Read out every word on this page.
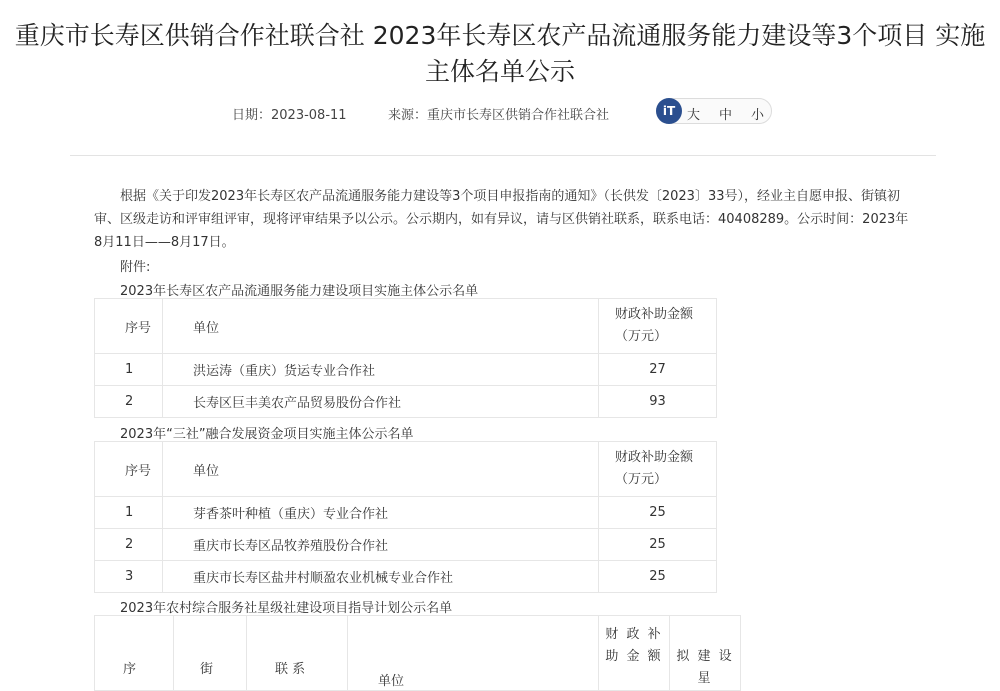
重庆市长寿区供销合作社联合社 2023年长寿区农产品流通服务能力建设等3个项目 实施主体名单公示
日期：2023-08-11	来源：重庆市长寿区供销合作社联合社	iT 大 中 小

根据《关于印发2023年长寿区农产品流通服务能力建设等3个项目申报指南的通知》（长供发〔2023〕33号），经业主自愿申报、街镇初审、区级走访和评审组评审，现将评审结果予以公示。公示期内，如有异议，请与区供销社联系，联系电话：40408289。公示时间：2023年8月11日——8月17日。

附件:

2023年长寿区农产品流通服务能力建设项目实施主体公示名单

序号	单位	财政补助金额（万元）
1	洪运涛（重庆）货运专业合作社	27
2	长寿区巨丰美农产品贸易股份合作社	93

2023年“三社”融合发展资金项目实施主体公示名单

序号	单位	财政补助金额（万元）
1	芽香茶叶种植（重庆）专业合作社	25
2	重庆市长寿区品牧养殖股份合作社	25
3	重庆市长寿区盐井村顺盈农业机械专业合作社	25

2023年农村综合服务社星级社建设项目指导计划公示名单

序	街	联 系	单位	财 政 补 助 金 额	拟 建 设 星
